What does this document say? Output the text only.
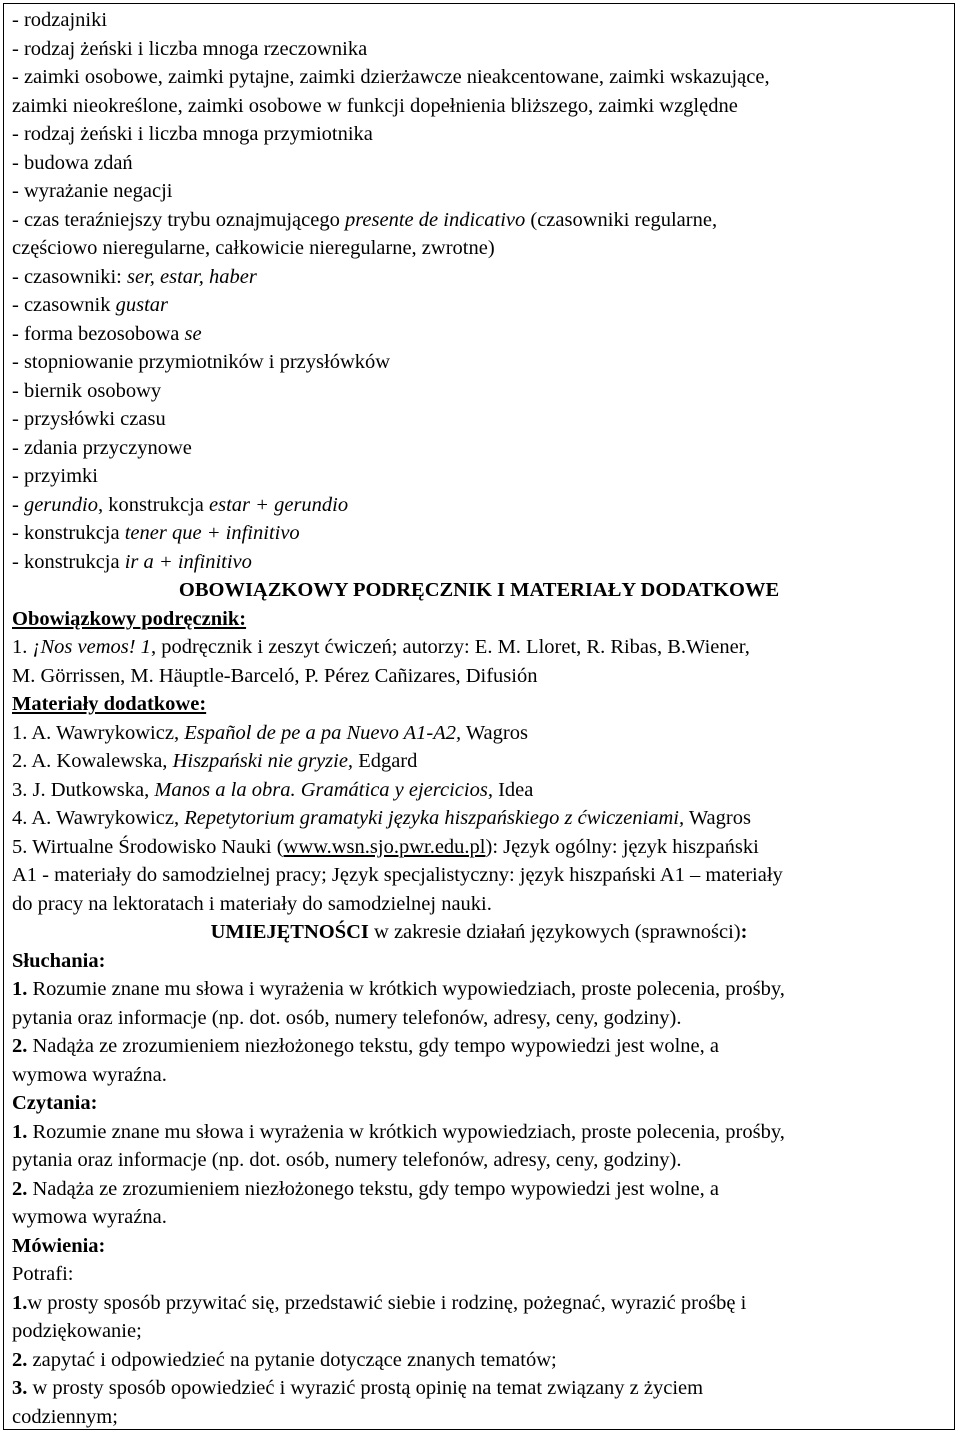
- rodzajniki
- rodzaj żeński i liczba mnoga rzeczownika
- zaimki osobowe, zaimki pytajne, zaimki dzierżawcze nieakcentowane, zaimki wskazujące,
zaimki nieokreślone, zaimki osobowe w funkcji dopełnienia bliższego, zaimki względne
- rodzaj żeński i liczba mnoga przymiotnika
- budowa zdań
- wyrażanie negacji
- czas teraźniejszy trybu oznajmującego presente de indicativo (czasowniki regularne,
częściowo nieregularne, całkowicie nieregularne, zwrotne)
- czasowniki: ser, estar, haber
- czasownik gustar
- forma bezosobowa se
- stopniowanie przymiotników i przysłówków
- biernik osobowy
- przysłówki czasu
- zdania przyczynowe
- przyimki
- gerundio, konstrukcja estar + gerundio
- konstrukcja tener que + infinitivo
- konstrukcja ir a + infinitivo
OBOWIĄZKOWY PODRĘCZNIK I MATERIAŁY DODATKOWE
Obowiązkowy podręcznik:
1. ¡Nos vemos! 1, podręcznik i zeszyt ćwiczeń; autorzy: E. M. Lloret, R. Ribas, B.Wiener,
M. Görrissen, M. Häuptle-Barceló, P. Pérez Cañizares, Difusión
Materiały dodatkowe:
1. A. Wawrykowicz, Español de pe a pa Nuevo A1-A2, Wagros
2. A. Kowalewska, Hiszpański nie gryzie, Edgard
3. J. Dutkowska, Manos a la obra. Gramática y ejercicios, Idea
4. A. Wawrykowicz, Repetytorium gramatyki języka hiszpańskiego z ćwiczeniami, Wagros
5. Wirtualne Środowisko Nauki (www.wsn.sjo.pwr.edu.pl): Język ogólny: język hiszpański
A1 - materiały do samodzielnej pracy; Język specjalistyczny: język hiszpański A1 – materiały
do pracy na lektoratach i materiały do samodzielnej nauki.
UMIEJĘTNOŚCI w zakresie działań językowych (sprawności):
Słuchania:
1. Rozumie znane mu słowa i wyrażenia w krótkich wypowiedziach, proste polecenia, prośby,
pytania oraz informacje (np. dot. osób, numery telefonów, adresy, ceny, godziny).
2. Nadąża ze zrozumieniem niezłożonego tekstu, gdy tempo wypowiedzi jest wolne, a
wymowa wyraźna.
Czytania:
1. Rozumie znane mu słowa i wyrażenia w krótkich wypowiedziach, proste polecenia, prośby,
pytania oraz informacje (np. dot. osób, numery telefonów, adresy, ceny, godziny).
2. Nadąża ze zrozumieniem niezłożonego tekstu, gdy tempo wypowiedzi jest wolne, a
wymowa wyraźna.
Mówienia:
Potrafi:
1.w prosty sposób przywitać się, przedstawić siebie i rodzinę, pożegnać, wyrazić prośbę i
podziękowanie;
2. zapytać i odpowiedzieć na pytanie dotyczące znanych tematów;
3. w prosty sposób opowiedzieć i wyrazić prostą opinię na temat związany z życiem
codziennym;
